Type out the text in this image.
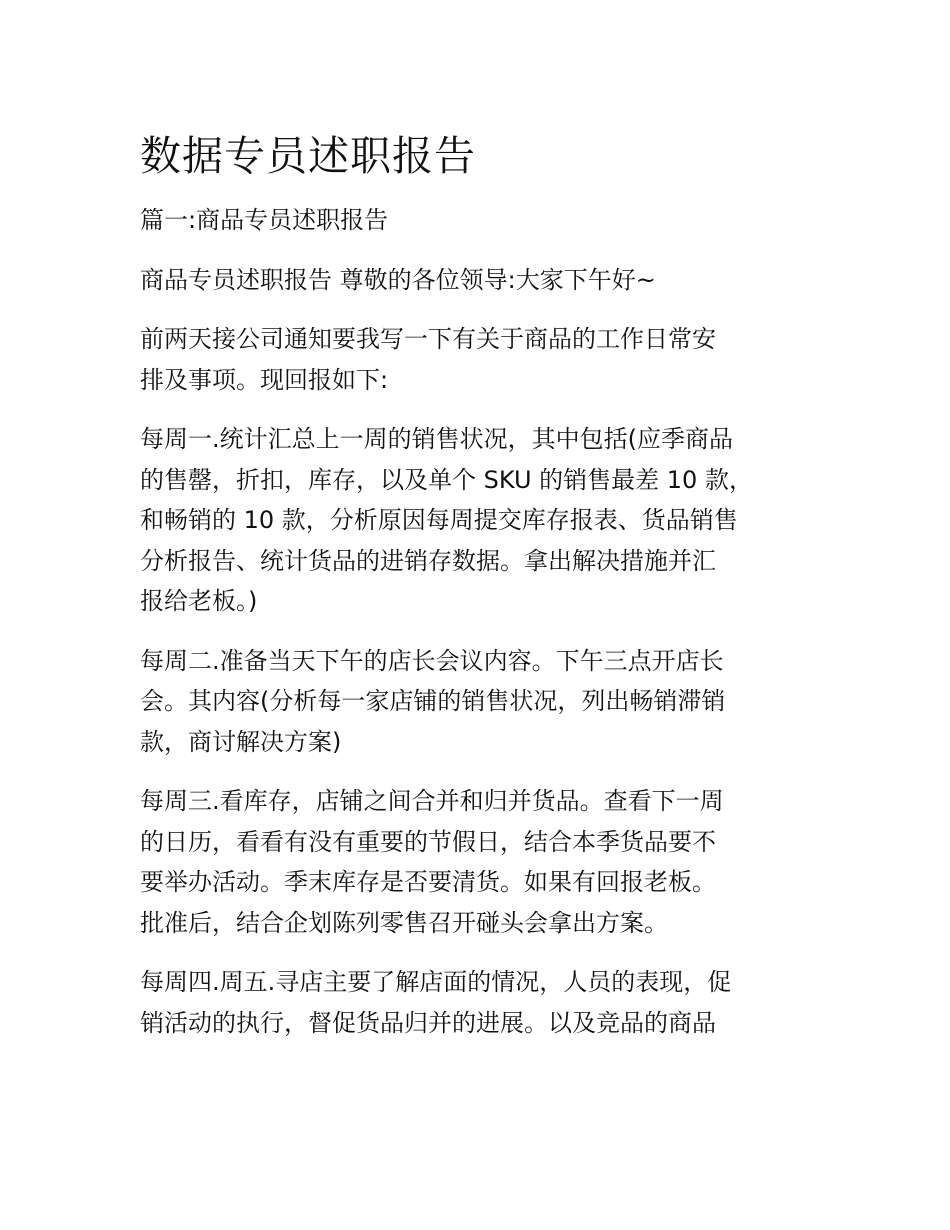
数据专员述职报告

篇一:商品专员述职报告

商品专员述职报告 尊敬的各位领导:大家下午好~

前两天接公司通知要我写一下有关于商品的工作日常安
排及事项。现回报如下:

每周一.统计汇总上一周的销售状况，其中包括(应季商品
的售罄，折扣，库存，以及单个 SKU 的销售最差 10 款，
和畅销的 10 款，分析原因每周提交库存报表、货品销售
分析报告、统计货品的进销存数据。拿出解决措施并汇
报给老板。)

每周二.准备当天下午的店长会议内容。下午三点开店长
会。其内容(分析每一家店铺的销售状况，列出畅销滞销
款，商讨解决方案)

每周三.看库存，店铺之间合并和归并货品。查看下一周
的日历，看看有没有重要的节假日，结合本季货品要不
要举办活动。季末库存是否要清货。如果有回报老板。
批准后，结合企划陈列零售召开碰头会拿出方案。

每周四.周五.寻店主要了解店面的情况，人员的表现，促
销活动的执行，督促货品归并的进展。以及竞品的商品
